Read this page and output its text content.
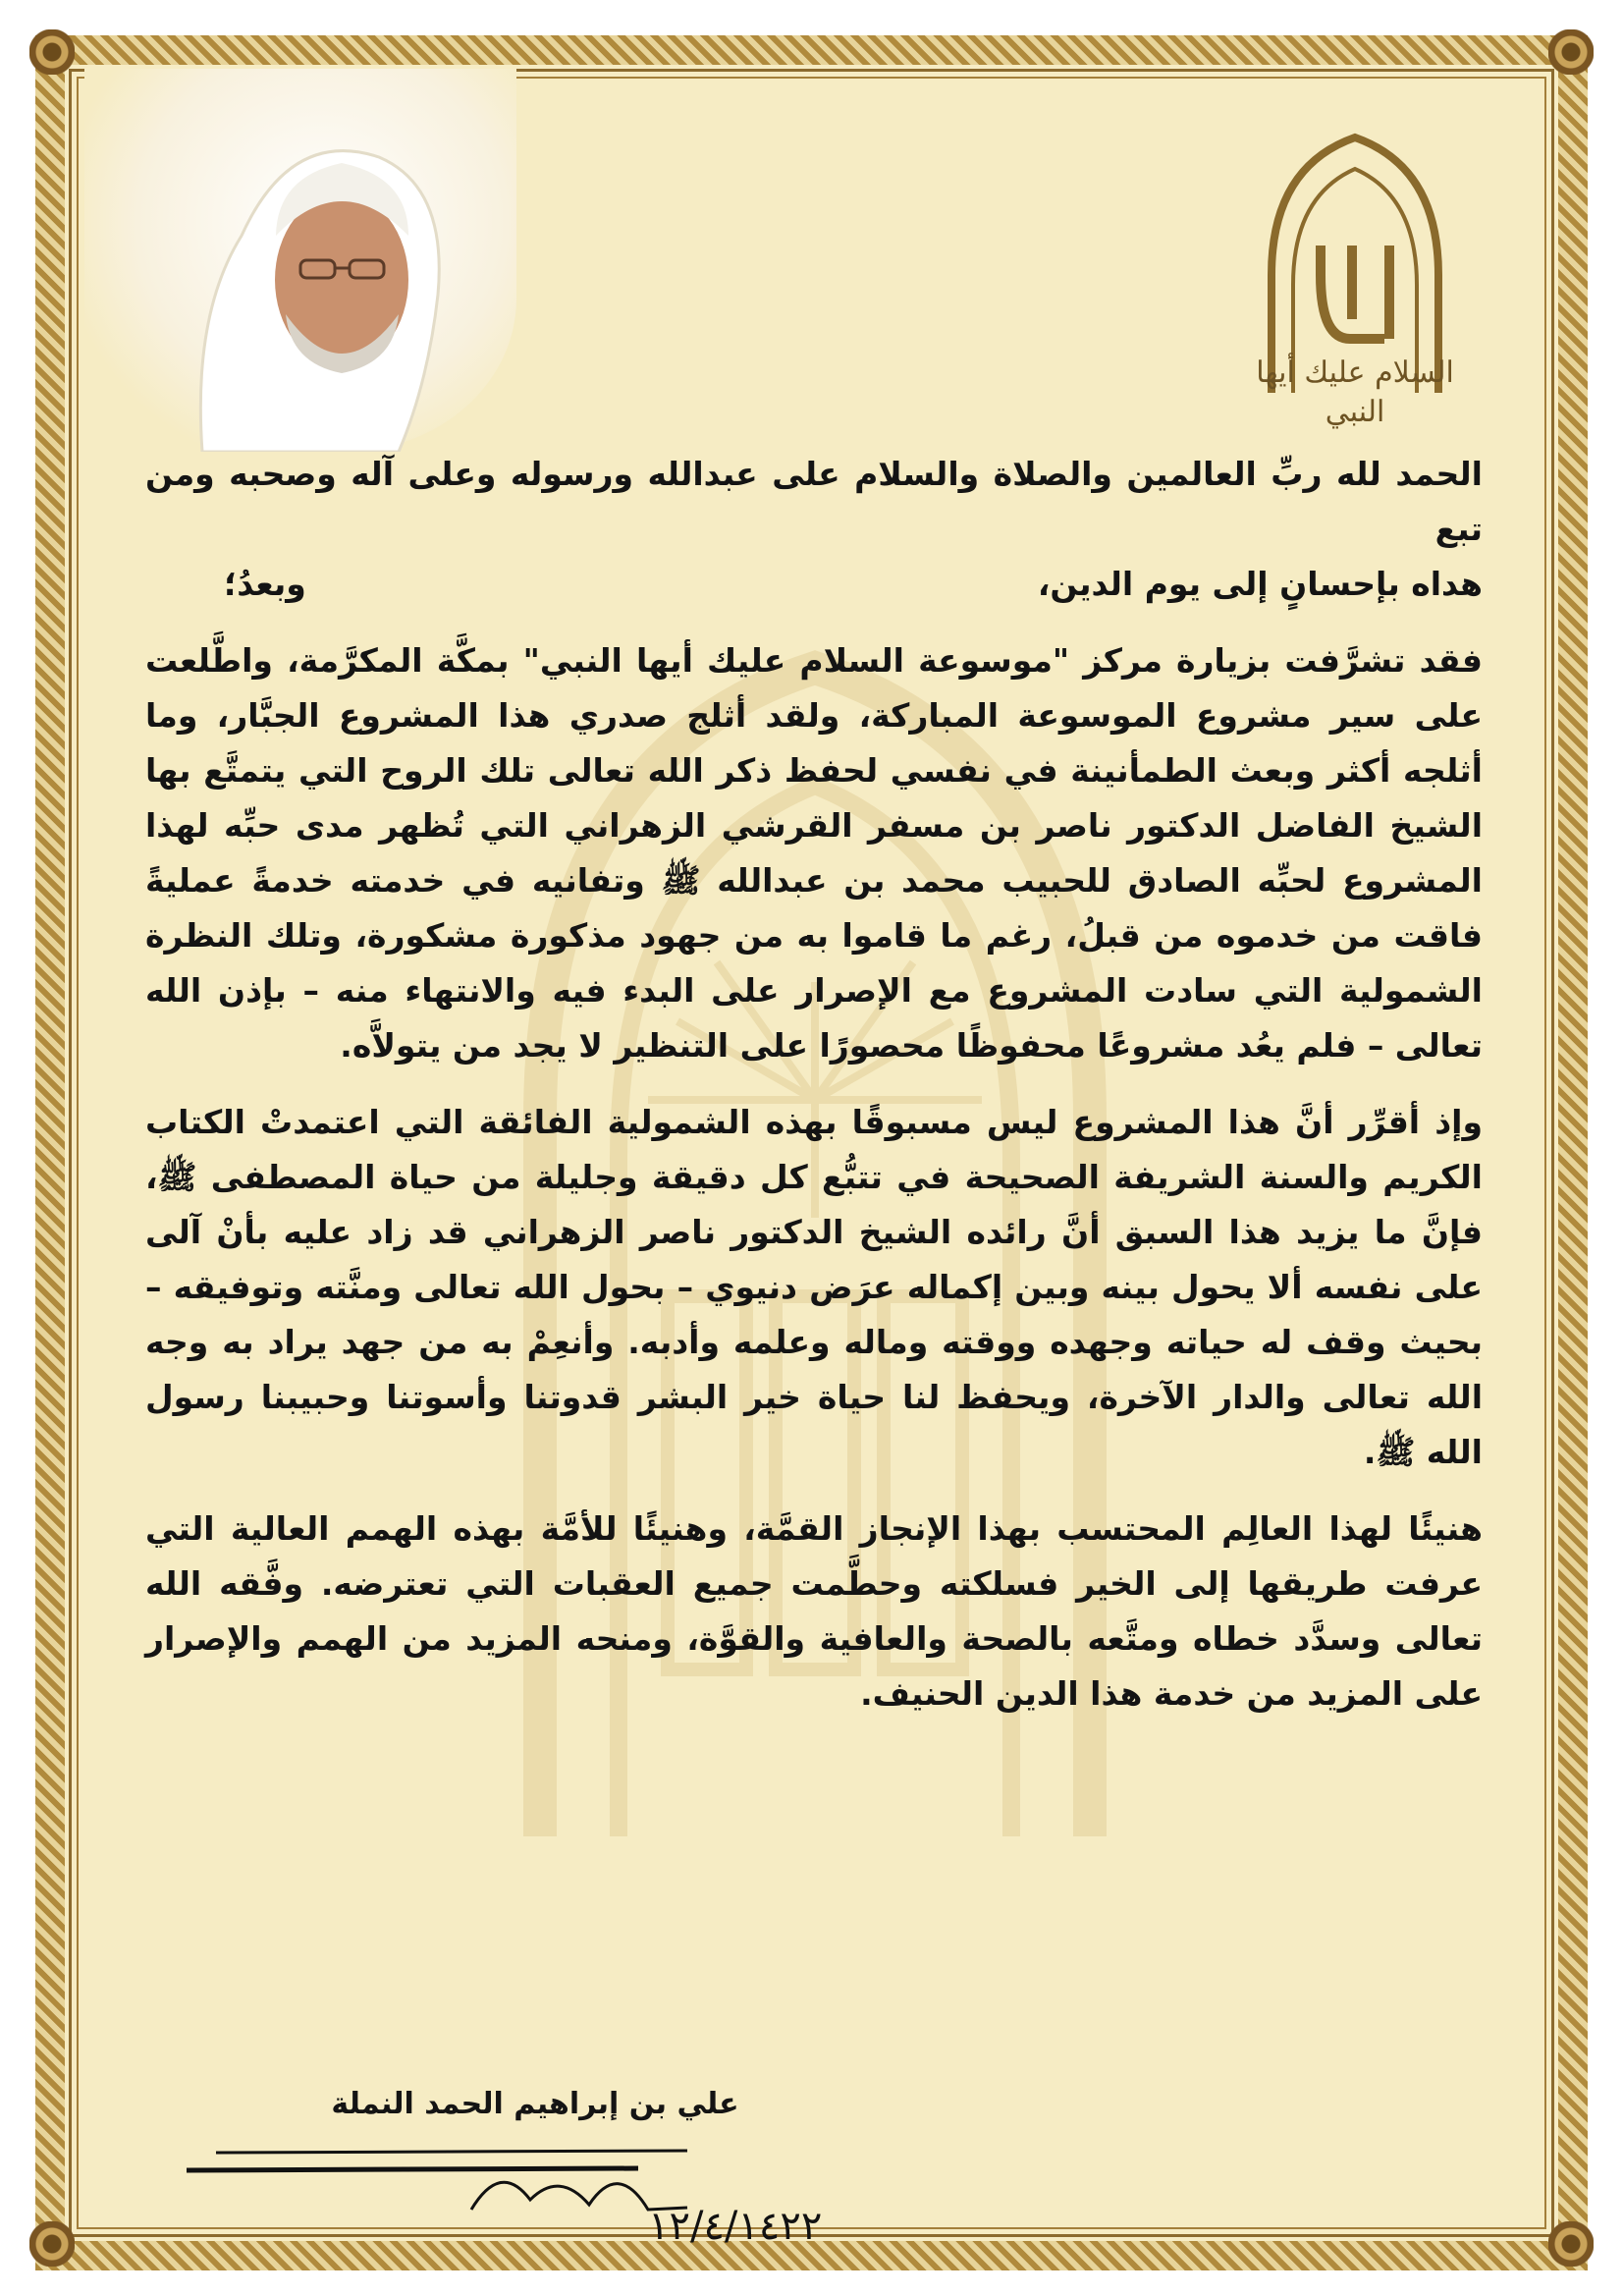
السلام عليك أيها النبي

الحمد لله ربِّ العالمين والصلاة والسلام على عبدالله ورسوله وعلى آله وصحبه ومن تبع

هداه بإحسانٍ إلى يوم الدين،
وبعدُ؛

فقد تشرَّفت بزيارة مركز "موسوعة السلام عليك أيها النبي" بمكَّة المكرَّمة، واطَّلعت على سير مشروع الموسوعة المباركة، ولقد أثلج صدري هذا المشروع الجبَّار، وما أثلجه أكثر وبعث الطمأنينة في نفسي لحفظ ذكر الله تعالى تلك الروح التي يتمتَّع بها الشيخ الفاضل الدكتور ناصر بن مسفر القرشي الزهراني التي تُظهر مدى حبِّه لهذا المشروع لحبِّه الصادق للحبيب محمد بن عبدالله ﷺ وتفانيه في خدمته خدمةً عمليةً فاقت من خدموه من قبلُ، رغم ما قاموا به من جهود مذكورة مشكورة، وتلك النظرة الشمولية التي سادت المشروع مع الإصرار على البدء فيه والانتهاء منه – بإذن الله تعالى – فلم يعُد مشروعًا محفوظًا محصورًا على التنظير لا يجد من يتولاَّه.

وإذ أقرِّر أنَّ هذا المشروع ليس مسبوقًا بهذه الشمولية الفائقة التي اعتمدتْ الكتاب الكريم والسنة الشريفة الصحيحة في تتبُّع كل دقيقة وجليلة من حياة المصطفى ﷺ، فإنَّ ما يزيد هذا السبق أنَّ رائده الشيخ الدكتور ناصر الزهراني قد زاد عليه بأنْ آلى على نفسه ألا يحول بينه وبين إكماله عرَض دنيوي – بحول الله تعالى ومنَّته وتوفيقه – بحيث وقف له حياته وجهده ووقته وماله وعلمه وأدبه. وأنعِمْ به من جهد يراد به وجه الله تعالى والدار الآخرة، ويحفظ لنا حياة خير البشر قدوتنا وأسوتنا وحبيبنا رسول الله ﷺ.

هنيئًا لهذا العالِم المحتسب بهذا الإنجاز القمَّة، وهنيئًا للأمَّة بهذه الهمم العالية التي عرفت طريقها إلى الخير فسلكته وحطَّمت جميع العقبات التي تعترضه. وفَّقه الله تعالى وسدَّد خطاه ومتَّعه بالصحة والعافية والقوَّة، ومنحه المزيد من الهمم والإصرار على المزيد من خدمة هذا الدين الحنيف.

علي بن إبراهيم الحمد النملة
١٢/٤/١٤٢٢
